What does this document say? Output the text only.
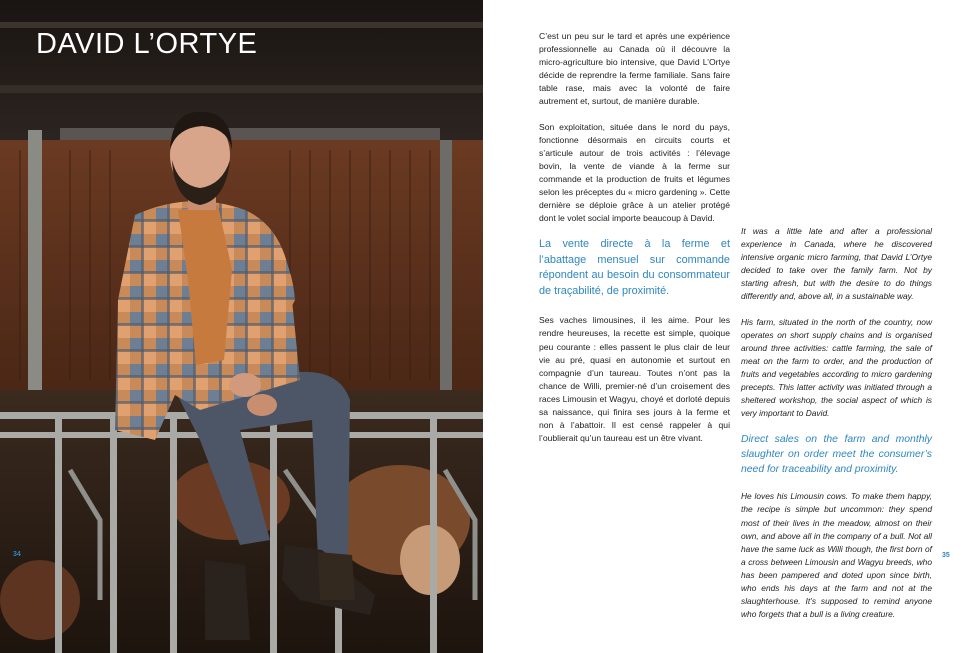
DAVID L’ORTYE
34

C’est un peu sur le tard et après une expérience professionnelle au Canada où il découvre la micro-agriculture bio intensive, que David L’Ortye décide de reprendre la ferme familiale. Sans faire table rase, mais avec la volonté de faire autrement et, surtout, de manière durable.

Son exploitation, située dans le nord du pays, fonctionne désormais en circuits courts et s’articule autour de trois activités : l’élevage bovin, la vente de viande à la ferme sur commande et la production de fruits et légumes selon les préceptes du « micro gardening ». Cette dernière se déploie grâce à un atelier protégé dont le volet social importe beaucoup à David.

La vente directe à la ferme et l’abattage mensuel sur commande répondent au besoin du consommateur de traçabilité, de proximité.

Ses vaches limousines, il les aime. Pour les rendre heureuses, la recette est simple, quoique peu courante : elles passent le plus clair de leur vie au pré, quasi en autonomie et surtout en compagnie d’un taureau. Toutes n’ont pas la chance de Willi, premier-né d’un croisement des races Limousin et Wagyu, choyé et dorloté depuis sa naissance, qui finira ses jours à la ferme et non à l’abattoir. Il est censé rappeler à qui l’oublierait qu’un taureau est un être vivant.

It was a little late and after a professional experience in Canada, where he discovered intensive organic micro farming, that David L’Ortye decided to take over the family farm. Not by starting afresh, but with the desire to do things differently and, above all, in a sustainable way.

His farm, situated in the north of the country, now operates on short supply chains and is organised around three activities: cattle farming, the sale of meat on the farm to order, and the production of fruits and vegetables according to micro gardening precepts. This latter activity was initiated through a sheltered workshop, the social aspect of which is very important to David.

Direct sales on the farm and monthly slaughter on order meet the consumer’s need for traceability and proximity.

He loves his Limousin cows. To make them happy, the recipe is simple but uncommon: they spend most of their lives in the meadow, almost on their own, and above all in the company of a bull. Not all have the same luck as Willi though, the first born of a cross between Limousin and Wagyu breeds, who has been pampered and doted upon since birth, who ends his days at the farm and not at the slaughterhouse. It’s supposed to remind anyone who forgets that a bull is a living creature.

35
